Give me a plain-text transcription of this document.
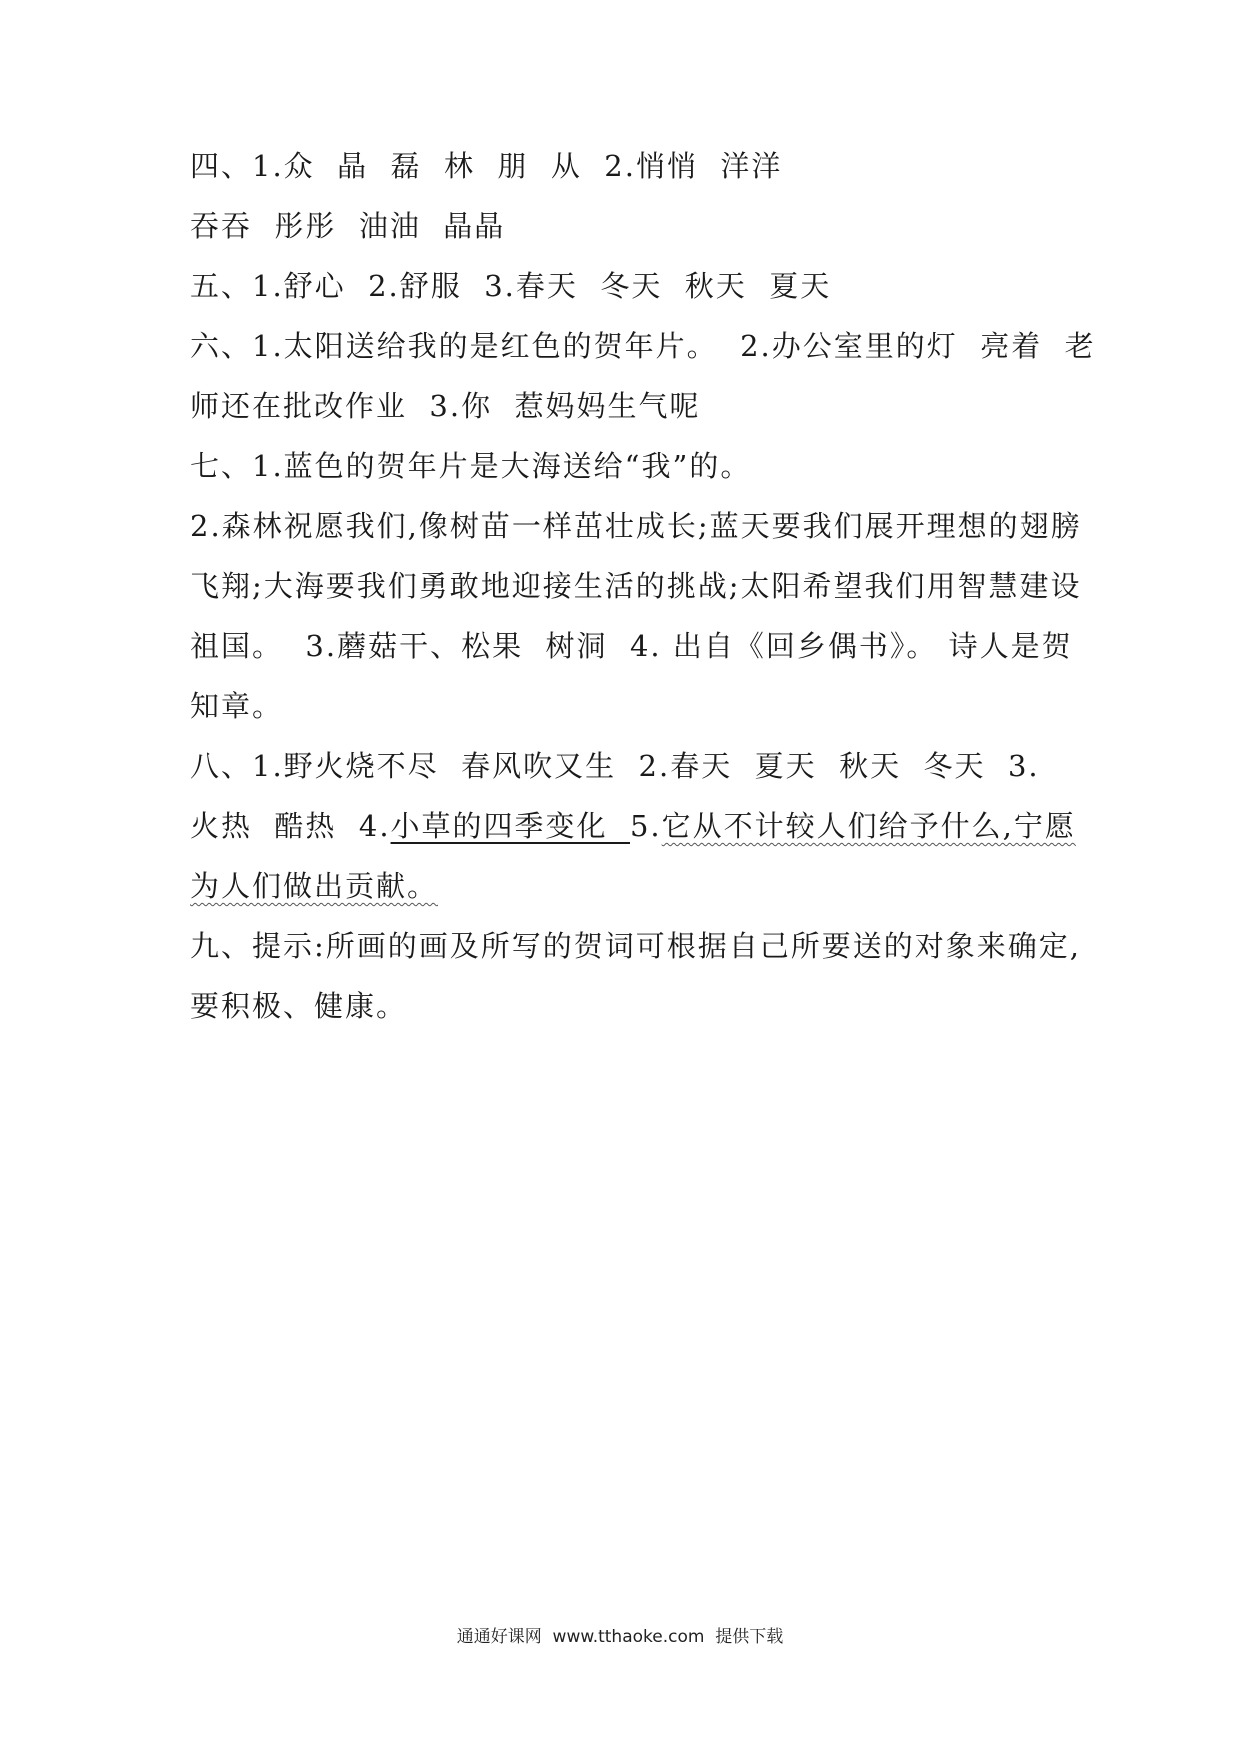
四、1.众  晶  磊  林  朋  从  2.悄悄  洋洋
吞吞  彤彤  油油  晶晶
五、1.舒心  2.舒服  3.春天  冬天  秋天  夏天
六、1.太阳送给我的是红色的贺年片。  2.办公室里的灯  亮着  老
师还在批改作业  3.你  惹妈妈生气呢
七、1.蓝色的贺年片是大海送给“我”的。
2.森林祝愿我们,像树苗一样茁壮成长;蓝天要我们展开理想的翅膀
飞翔;大海要我们勇敢地迎接生活的挑战;太阳希望我们用智慧建设
祖国。  3.蘑菇干、松果  树洞  4. 出自《回乡偶书》。 诗人是贺
知章。
八、1.野火烧不尽  春风吹又生  2.春天  夏天  秋天  冬天  3.
火热  酷热  4.小草的四季变化  5.它从不计较人们给予什么,宁愿
为人们做出贡献。
九、提示:所画的画及所写的贺词可根据自己所要送的对象来确定,
要积极、健康。
通通好课网  www.tthaoke.com  提供下载
